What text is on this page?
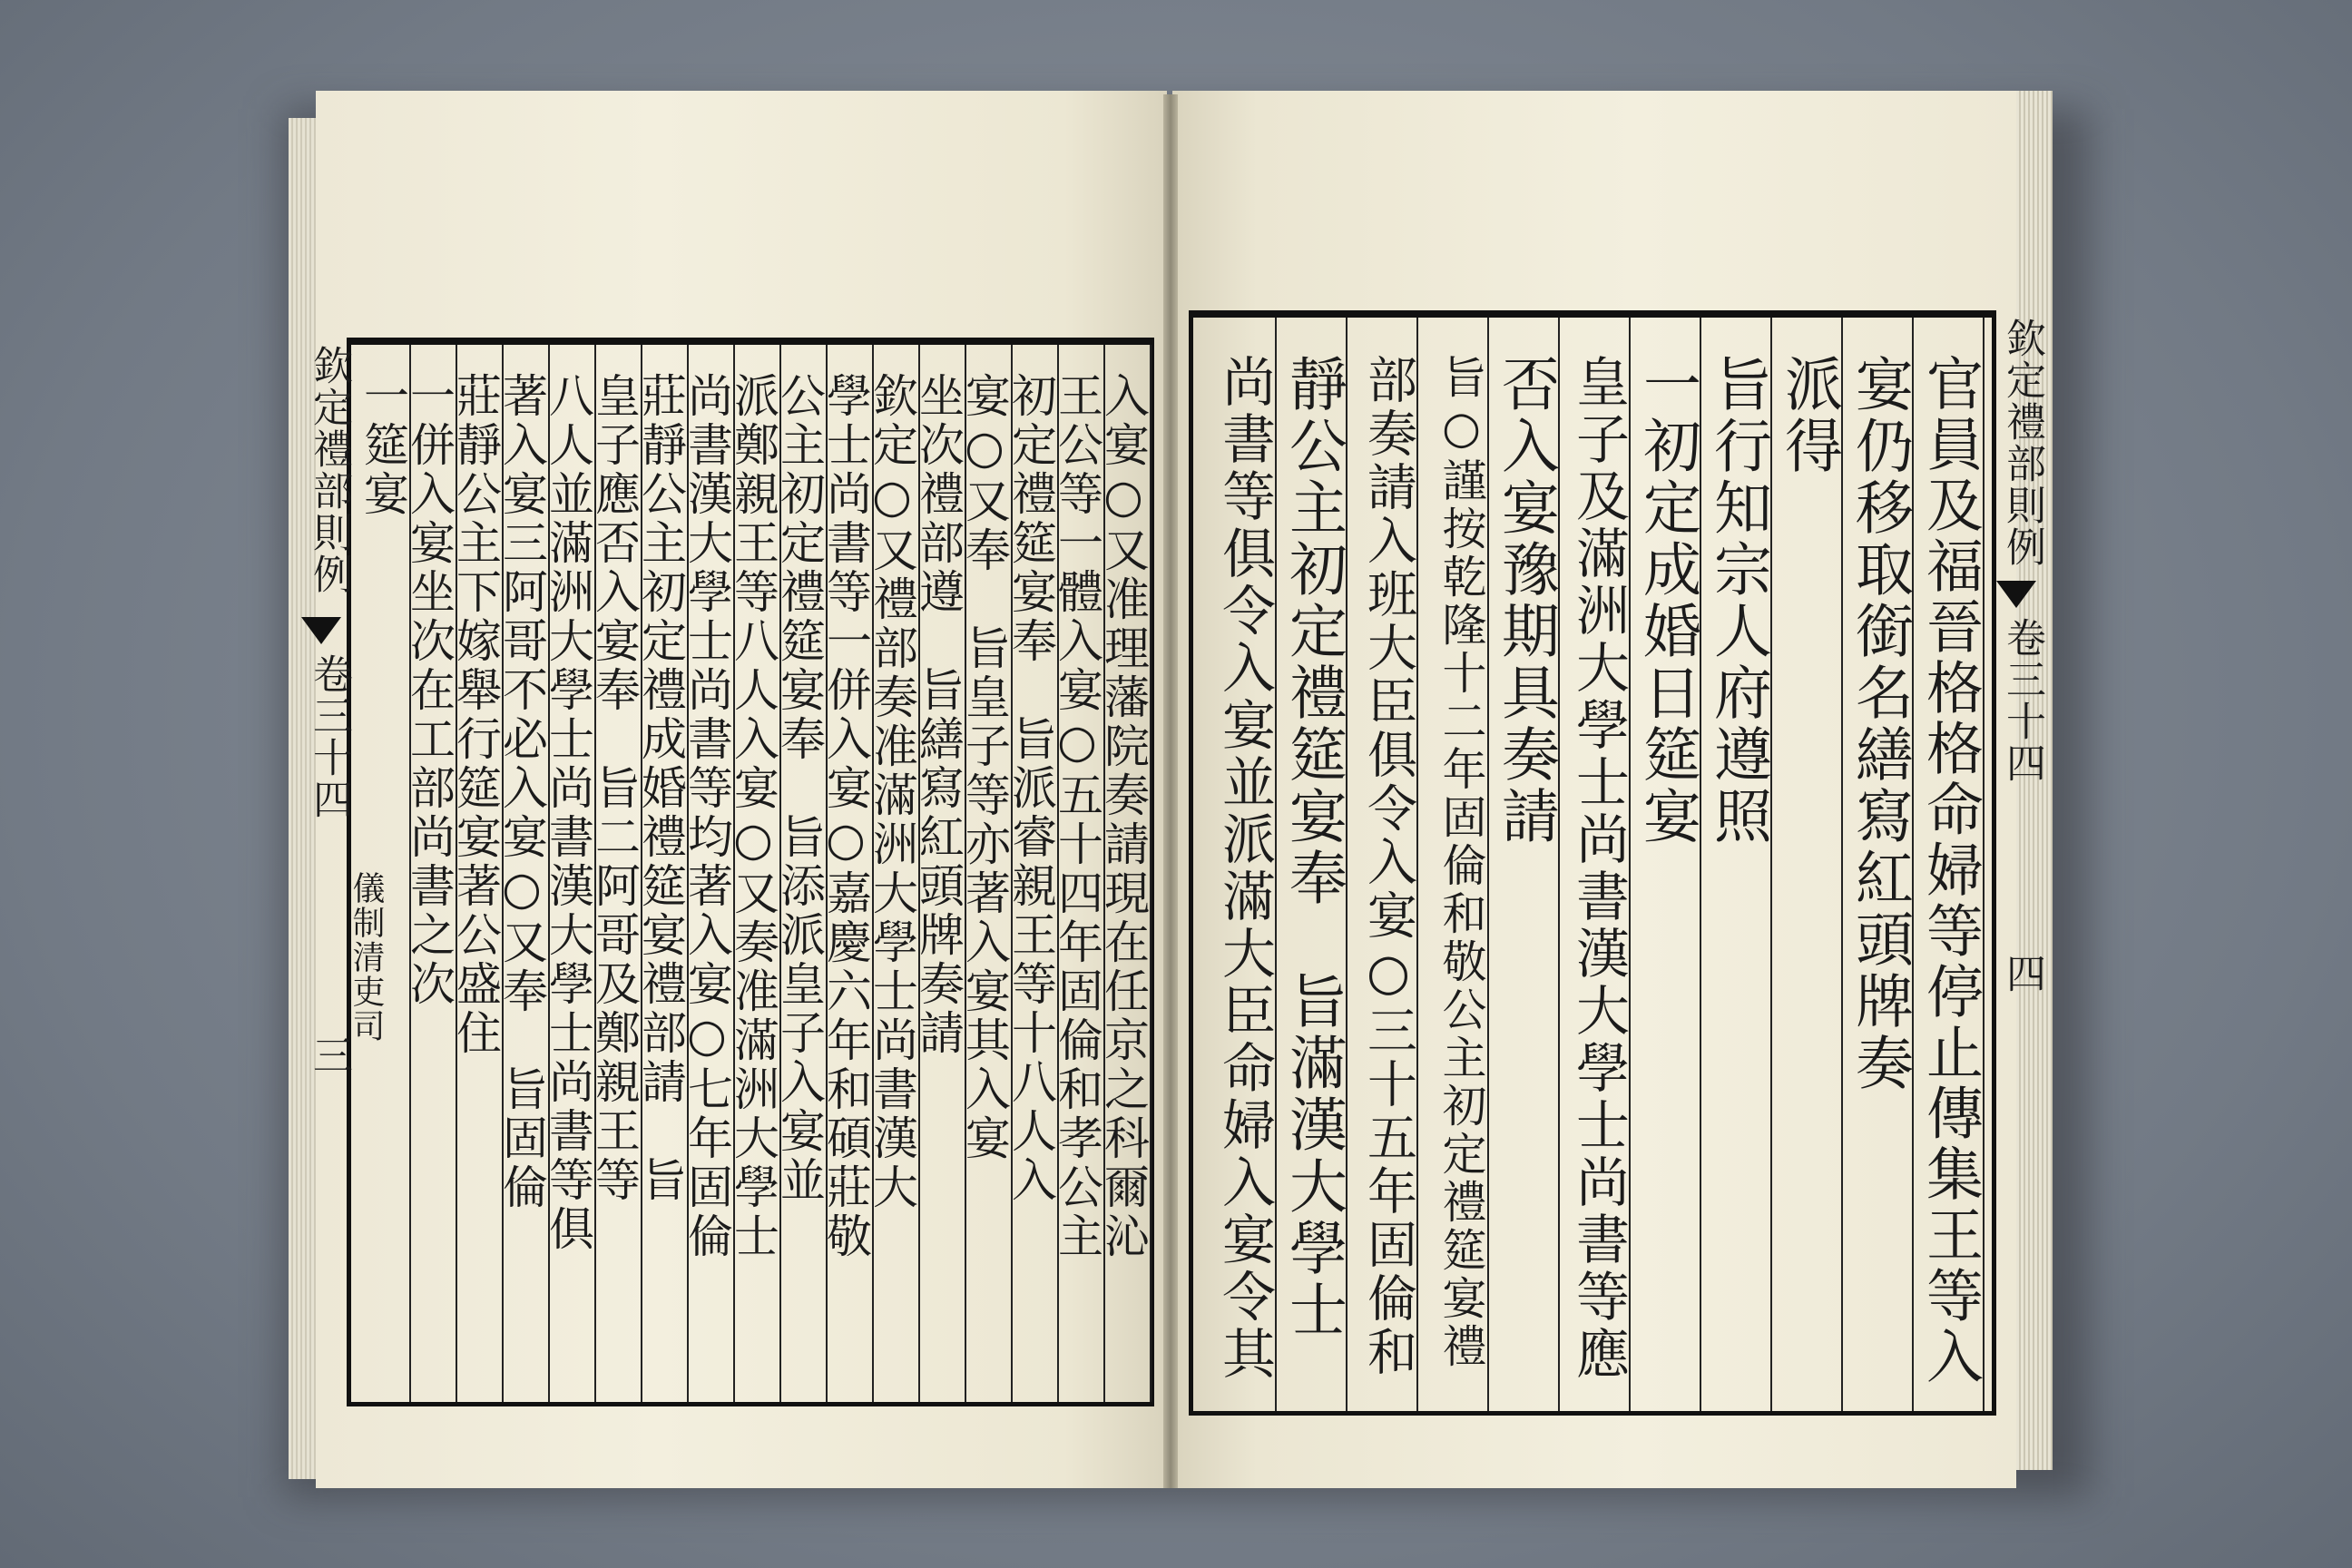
入宴○又准理藩院奏請現在任京之科爾沁
王公等一體入宴○五十四年固倫和孝公主
初定禮筵宴奉　旨派睿親王等十八人入
宴○又奉　旨皇子等亦著入宴其入宴
坐次禮部遵　旨繕寫紅頭牌奏請
欽定○又禮部奏准滿洲大學士尚書漢大
學士尚書等一併入宴○嘉慶六年和碩莊敬
公主初定禮筵宴奉　旨添派皇子入宴並
派鄭親王等八人入宴○又奏准滿洲大學士
尚書漢大學士尚書等均著入宴○七年固倫
莊靜公主初定禮成婚禮筵宴禮部請　旨
皇子應否入宴奉　旨二阿哥及鄭親王等
八人並滿洲大學士尚書漢大學士尚書等俱
著入宴三阿哥不必入宴○又奉　旨固倫
莊靜公主下嫁舉行筵宴著公盛住
一併入宴坐次在工部尚書之次
一筵宴
欽定禮部則例
卷三十四
儀制清吏司
三	官員及福晉格格命婦等停止傳集王等入
宴仍移取銜名繕寫紅頭牌奏
派得
旨行知宗人府遵照
一初定成婚日筵宴
皇子及滿洲大學士尚書漢大學士尚書等應
否入宴豫期具奏請
旨○謹按乾隆十二年固倫和敬公主初定禮筵宴禮
部奏請入班大臣俱令入宴○三十五年固倫和
靜公主初定禮筵宴奉　旨滿漢大學士
尚書等俱令入宴並派滿大臣命婦入宴令其	欽定禮部則例
卷三十四
四
